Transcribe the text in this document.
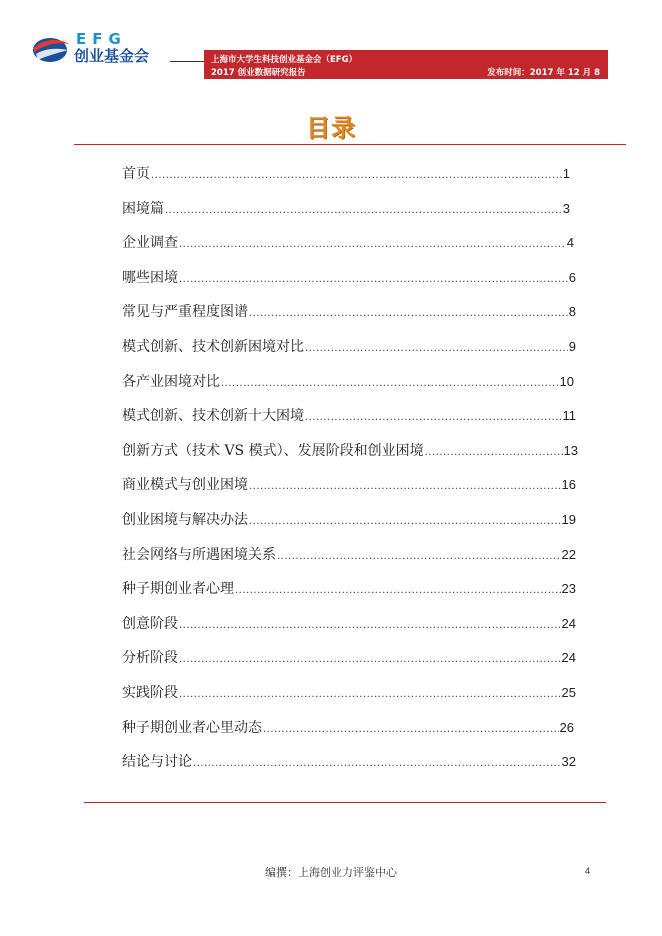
EFG
创业基金会	上海市大学生科技创业基金会（EFG）
2017 创业数据研究报告	发布时间：2017 年 12 月 8
目录
首页 .....	1
困境篇 .....	3
企业调查 .....	4
哪些困境 .....	6
常见与严重程度图谱 .....	8
模式创新、技术创新困境对比 .....	9
各产业困境对比 .....	10
模式创新、技术创新十大困境 .....	11
创新方式（技术 VS 模式）、发展阶段和创业困境 .....	13
商业模式与创业困境 .....	16
创业困境与解决办法 .....	19
社会网络与所遇困境关系 .....	22
种子期创业者心理 .....	23
创意阶段 .....	24
分析阶段 .....	24
实践阶段 .....	25
种子期创业者心里动态 .....	26
结论与讨论 .....	32
编撰：上海创业力评鉴中心	4
